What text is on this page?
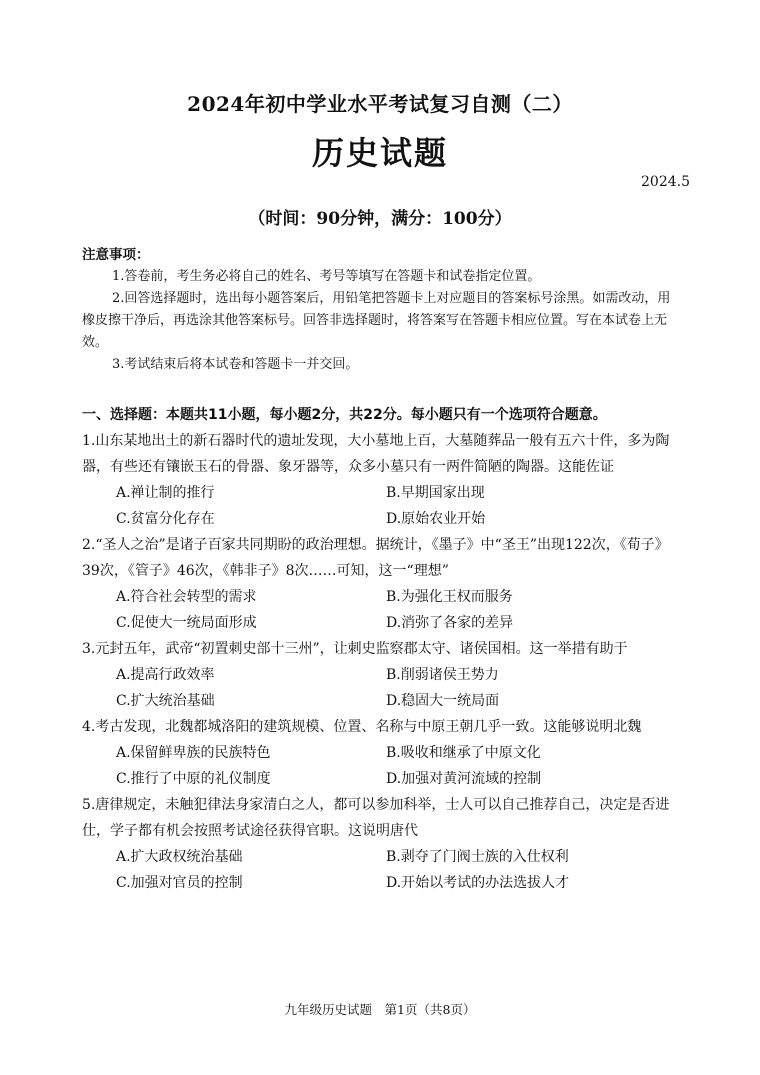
2024年初中学业水平考试复习自测（二）
历史试题
2024.5
（时间：90分钟，满分：100分）

注意事项：

1.答卷前，考生务必将自己的姓名、考号等填写在答题卡和试卷指定位置。

2.回答选择题时，选出每小题答案后，用铅笔把答题卡上对应题目的答案标号涂黑。如需改动，用橡皮擦干净后，再选涂其他答案标号。回答非选择题时，将答案写在答题卡相应位置。写在本试卷上无效。

3.考试结束后将本试卷和答题卡一并交回。

一、选择题：本题共11小题，每小题2分，共22分。每小题只有一个选项符合题意。

1.山东某地出土的新石器时代的遗址发现，大小墓地上百，大墓随葬品一般有五六十件，多为陶器，有些还有镶嵌玉石的骨器、象牙器等，众多小墓只有一两件简陋的陶器。这能佐证

A.禅让制的推行	B.早期国家出现
C.贫富分化存在	D.原始农业开始

2.“圣人之治”是诸子百家共同期盼的政治理想。据统计，《墨子》中“圣王”出现122次，《荀子》39次，《管子》46次，《韩非子》8次……可知，这一“理想”

A.符合社会转型的需求	B.为强化王权而服务
C.促使大一统局面形成	D.消弥了各家的差异

3.元封五年，武帝“初置刺史部十三州”，让刺史监察郡太守、诸侯国相。这一举措有助于

A.提高行政效率	B.削弱诸侯王势力
C.扩大统治基础	D.稳固大一统局面

4.考古发现，北魏都城洛阳的建筑规模、位置、名称与中原王朝几乎一致。这能够说明北魏

A.保留鲜卑族的民族特色	B.吸收和继承了中原文化
C.推行了中原的礼仪制度	D.加强对黄河流域的控制

5.唐律规定，未触犯律法身家清白之人，都可以参加科举，士人可以自己推荐自己，决定是否进仕，学子都有机会按照考试途径获得官职。这说明唐代

A.扩大政权统治基础	B.剥夺了门阀士族的入仕权利
C.加强对官员的控制	D.开始以考试的办法选拔人才
九年级历史试题　第1页（共8页）
